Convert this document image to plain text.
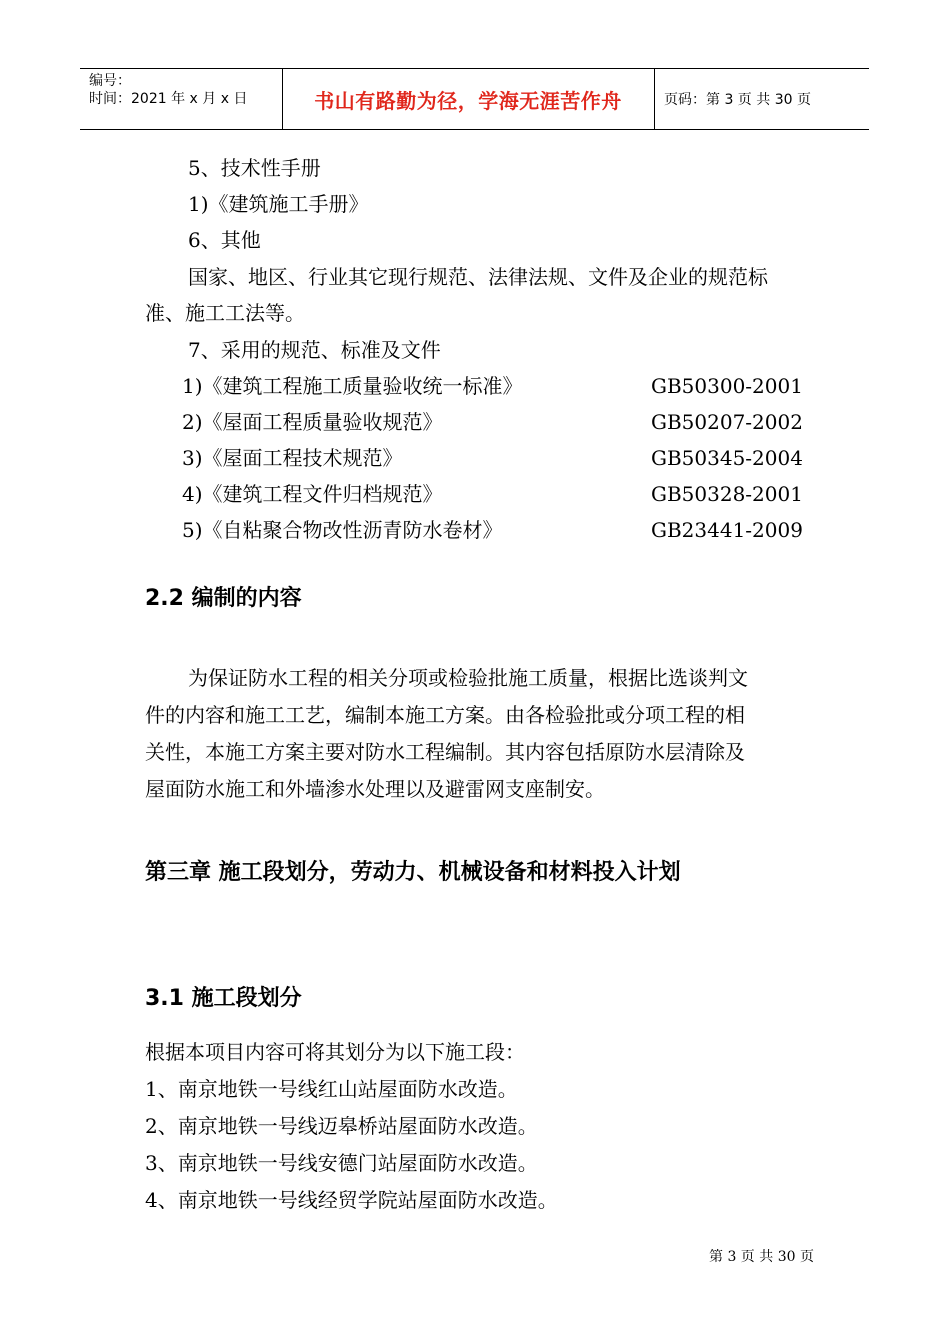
编号：
时间：2021 年 x 月 x 日	书山有路勤为径，学海无涯苦作舟	页码：第 3 页 共 30 页
5、技术性手册
1)《建筑施工手册》
6、其他
国家、地区、行业其它现行规范、法律法规、文件及企业的规范标
准、施工工法等。
7、采用的规范、标准及文件
1)《建筑工程施工质量验收统一标准》	GB50300-2001
2)《屋面工程质量验收规范》	GB50207-2002
3)《屋面工程技术规范》	GB50345-2004
4)《建筑工程文件归档规范》	GB50328-2001
5)《自粘聚合物改性沥青防水卷材》	GB23441-2009
2.2 编制的内容
为保证防水工程的相关分项或检验批施工质量，根据比选谈判文
件的内容和施工工艺，编制本施工方案。由各检验批或分项工程的相
关性，本施工方案主要对防水工程编制。其内容包括原防水层清除及
屋面防水施工和外墙渗水处理以及避雷网支座制安。
第三章 施工段划分，劳动力、机械设备和材料投入计划
3.1 施工段划分
根据本项目内容可将其划分为以下施工段：
1、南京地铁一号线红山站屋面防水改造。
2、南京地铁一号线迈皋桥站屋面防水改造。
3、南京地铁一号线安德门站屋面防水改造。
4、南京地铁一号线经贸学院站屋面防水改造。
第 3 页 共 30 页
